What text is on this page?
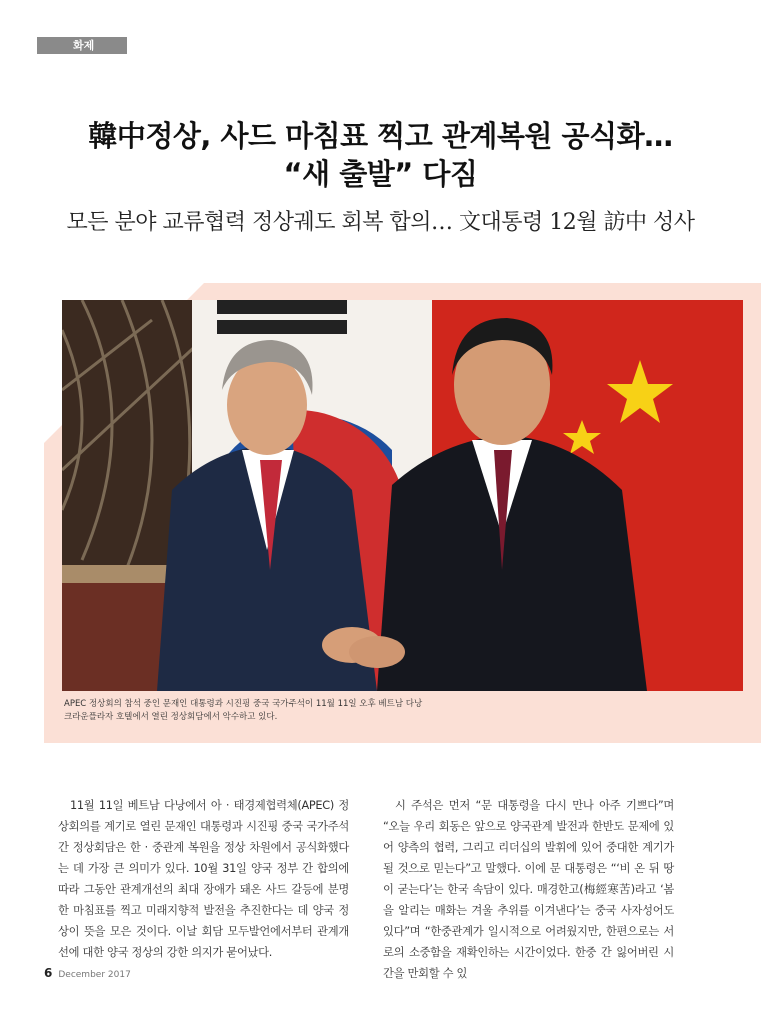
화제
韓中정상, 사드 마침표 찍고 관계복원 공식화…
“새 출발” 다짐
모든 분야 교류협력 정상궤도 회복 합의… 文대통령 12월 訪中 성사
APEC 정상회의 참석 중인 문재인 대통령과 시진핑 중국 국가주석이 11월 11일 오후 베트남 다낭 크라운플라자 호텔에서 열린 정상회담에서 악수하고 있다.

11월 11일 베트남 다낭에서 아 · 태경제협력체(APEC) 정상회의를 계기로 열린 문재인 대통령과 시진핑 중국 국가주석간 정상회담은 한 · 중관계 복원을 정상 차원에서 공식화했다는 데 가장 큰 의미가 있다. 10월 31일 양국 정부 간 합의에 따라 그동안 관계개선의 최대 장애가 돼온 사드 갈등에 분명한 마침표를 찍고 미래지향적 발전을 추진한다는 데 양국 정상이 뜻을 모은 것이다. 이날 회담 모두발언에서부터 관계개선에 대한 양국 정상의 강한 의지가 묻어났다.

시 주석은 먼저 “문 대통령을 다시 만나 아주 기쁘다”며 “오늘 우리 회동은 앞으로 양국관계 발전과 한반도 문제에 있어 양측의 협력, 그리고 리더십의 발휘에 있어 중대한 계기가 될 것으로 믿는다”고 말했다. 이에 문 대통령은 “‘비 온 뒤 땅이 굳는다’는 한국 속담이 있다. 매경한고(梅經寒苦)라고 ‘봄을 알리는 매화는 겨울 추위를 이겨낸다’는 중국 사자성어도 있다”며 “한중관계가 일시적으로 어려웠지만, 한편으로는 서로의 소중함을 재확인하는 시간이었다. 한중 간 잃어버린 시간을 만회할 수 있

6 December 2017
